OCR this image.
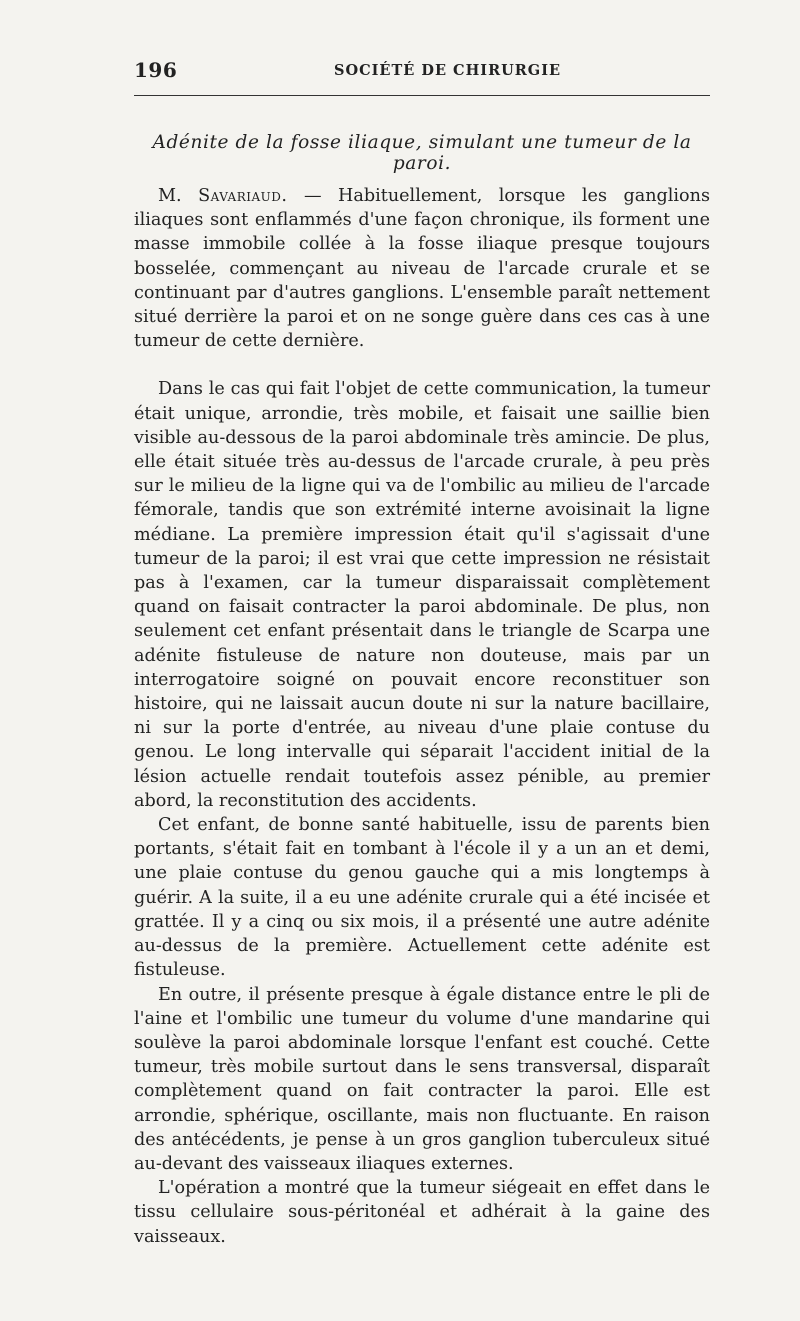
196	SOCIÉTÉ DE CHIRURGIE
Adénite de la fosse iliaque, simulant une tumeur de la paroi.

M. Savariaud. — Habituellement, lorsque les ganglions iliaques sont enflammés d'une façon chronique, ils forment une masse immobile collée à la fosse iliaque presque toujours bosselée, commençant au niveau de l'arcade crurale et se continuant par d'autres ganglions. L'ensemble paraît nettement situé derrière la paroi et on ne songe guère dans ces cas à une tumeur de cette dernière.

Dans le cas qui fait l'objet de cette communication, la tumeur était unique, arrondie, très mobile, et faisait une saillie bien visible au-dessous de la paroi abdominale très amincie. De plus, elle était située très au-dessus de l'arcade crurale, à peu près sur le milieu de la ligne qui va de l'ombilic au milieu de l'arcade fémorale, tandis que son extrémité interne avoisinait la ligne médiane. La première impression était qu'il s'agissait d'une tumeur de la paroi; il est vrai que cette impression ne résistait pas à l'examen, car la tumeur disparaissait complètement quand on faisait contracter la paroi abdominale. De plus, non seulement cet enfant présentait dans le triangle de Scarpa une adénite fistuleuse de nature non douteuse, mais par un interrogatoire soigné on pouvait encore reconstituer son histoire, qui ne laissait aucun doute ni sur la nature bacillaire, ni sur la porte d'entrée, au niveau d'une plaie contuse du genou. Le long intervalle qui séparait l'accident initial de la lésion actuelle rendait toutefois assez pénible, au premier abord, la reconstitution des accidents.

Cet enfant, de bonne santé habituelle, issu de parents bien portants, s'était fait en tombant à l'école il y a un an et demi, une plaie contuse du genou gauche qui a mis longtemps à guérir. A la suite, il a eu une adénite crurale qui a été incisée et grattée. Il y a cinq ou six mois, il a présenté une autre adénite au-dessus de la première. Actuellement cette adénite est fistuleuse.

En outre, il présente presque à égale distance entre le pli de l'aine et l'ombilic une tumeur du volume d'une mandarine qui soulève la paroi abdominale lorsque l'enfant est couché. Cette tumeur, très mobile surtout dans le sens transversal, disparaît complètement quand on fait contracter la paroi. Elle est arrondie, sphérique, oscillante, mais non fluctuante. En raison des antécédents, je pense à un gros ganglion tuberculeux situé au-devant des vaisseaux iliaques externes.

L'opération a montré que la tumeur siégeait en effet dans le tissu cellulaire sous-péritonéal et adhérait à la gaine des vaisseaux.
